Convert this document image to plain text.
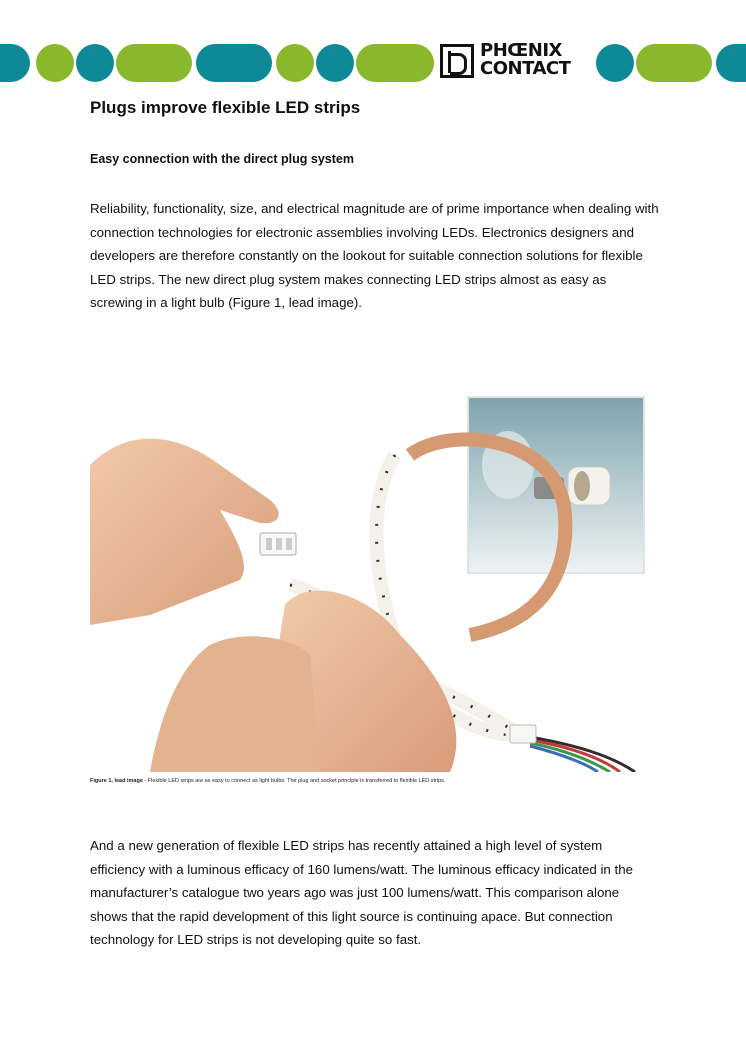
PHŒNIX
CONTACT
Plugs improve flexible LED strips
Easy connection with the direct plug system

Reliability, functionality, size, and electrical magnitude are of prime importance when dealing with connection technologies for electronic assemblies involving LEDs. Electronics designers and developers are therefore constantly on the lookout for suitable connection solutions for flexible LED strips. The new direct plug system makes connecting LED strips almost as easy as screwing in a light bulb (Figure 1, lead image).

Figure 1, lead image - Flexible LED strips are as easy to connect as light bulbs: The plug and socket principle is transferred to flexible LED strips.

And a new generation of flexible LED strips has recently attained a high level of system efficiency with a luminous efficacy of 160 lumens/watt. The luminous efficacy indicated in the manufacturer’s catalogue two years ago was just 100 lumens/watt. This comparison alone shows that the rapid development of this light source is continuing apace. But connection technology for LED strips is not developing quite so fast.
